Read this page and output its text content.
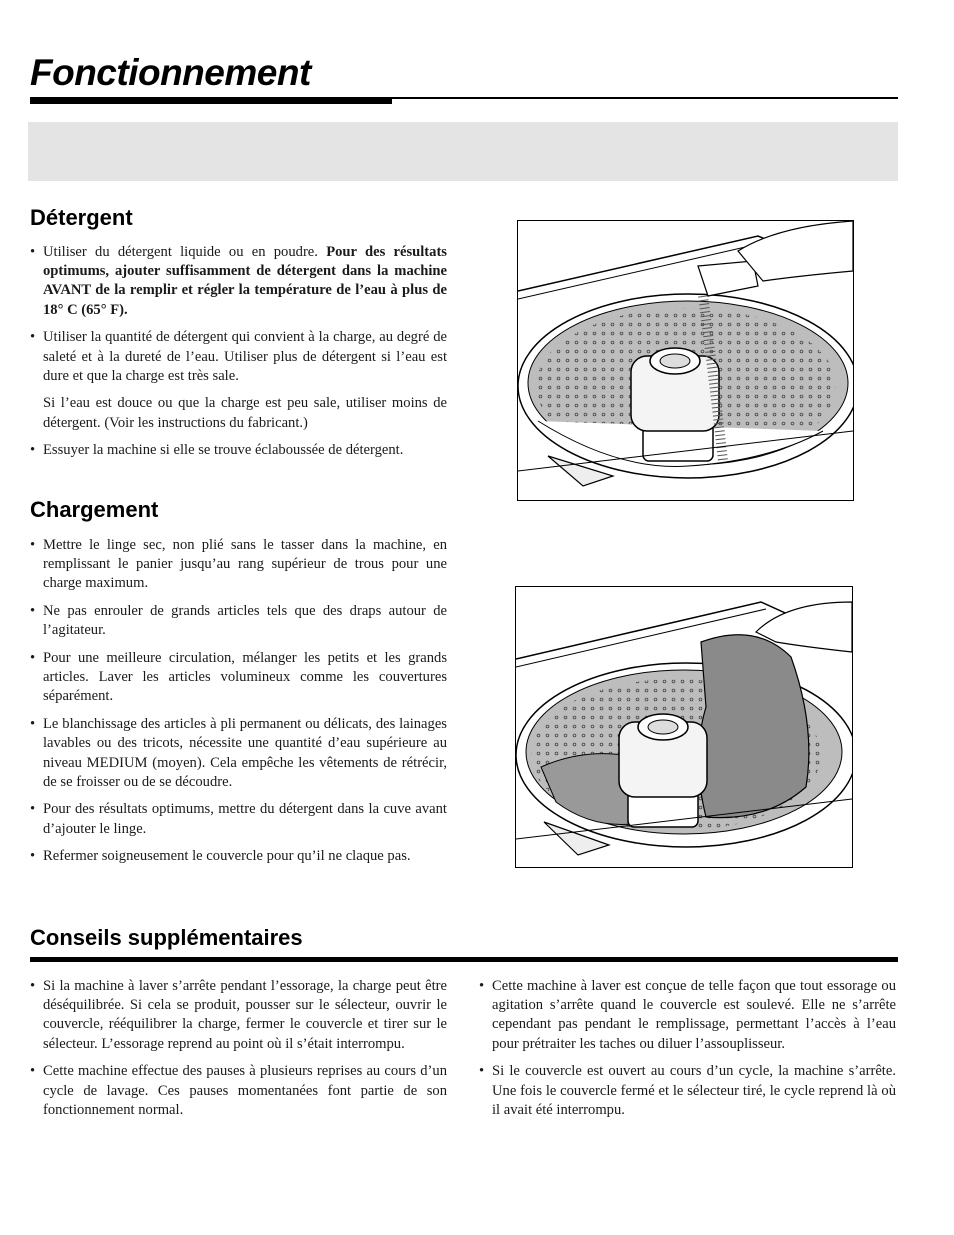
Fonctionnement
Détergent
• Utiliser du détergent liquide ou en poudre. Pour des résultats optimums, ajouter suffisamment de détergent dans la machine AVANT de la remplir et régler la température de l’eau à plus de 18° C (65° F).
• Utiliser la quantité de détergent qui convient à la charge, au degré de saleté et à la dureté de l’eau. Utiliser plus de détergent si l’eau est dure et que la charge est très sale.

Si l’eau est douce ou que la charge est peu sale, utiliser moins de détergent. (Voir les instructions du fabricant.)

• Essuyer la machine si elle se trouve éclaboussée de détergent.
Chargement
• Mettre le linge sec, non plié sans le tasser dans la machine, en remplissant le panier jusqu’au rang supérieur de trous pour une charge maximum.
• Ne pas enrouler de grands articles tels que des draps autour de l’agitateur.
• Pour une meilleure circulation, mélanger les petits et les grands articles. Laver les articles volumineux comme les couvertures séparément.
• Le blanchissage des articles à pli permanent ou délicats, des lainages lavables ou des tricots, nécessite une quantité d’eau supérieure au niveau MEDIUM (moyen). Cela empêche les vêtements de rétrécir, de se froisser ou de se découdre.
• Pour des résultats optimums, mettre du détergent dans la cuve avant d’ajouter le linge.
• Refermer soigneusement le couvercle pour qu’il ne claque pas.
Conseils supplémentaires
• Si la machine à laver s’arrête pendant l’essorage, la charge peut être déséquilibrée. Si cela se produit, pousser sur le sélecteur, ouvrir le couvercle, rééquilibrer la charge, fermer le couvercle et tirer sur le sélecteur. L’essorage reprend au point où il s’était interrompu.
• Cette machine effectue des pauses à plusieurs reprises au cours d’un cycle de lavage. Ces pauses momentanées font partie de son fonctionnement normal.
• Cette machine à laver est conçue de telle façon que tout essorage ou agitation s’arrête quand le couvercle est soulevé. Elle ne s’arrête cependant pas pendant le remplissage, permettant l’accès à l’eau pour prétraiter les taches ou diluer l’assouplisseur.
• Si le couvercle est ouvert au cours d’un cycle, la machine s’arrête. Une fois le couvercle fermé et le sélecteur tiré, le cycle reprend là où il avait été interrompu.
